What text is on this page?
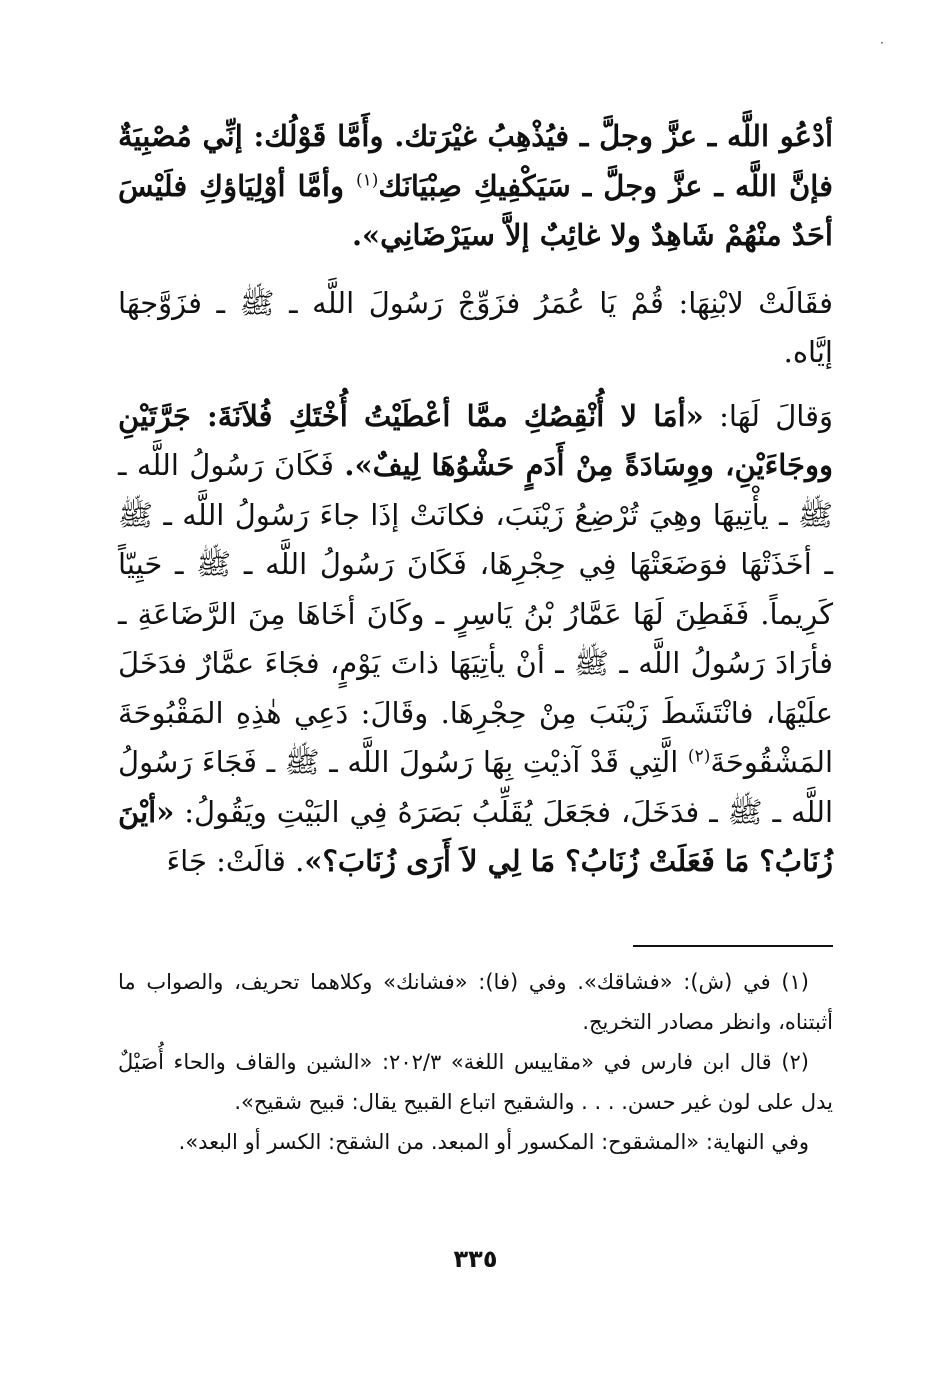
·

أدْعُو اللَّه ـ عزَّ وجلَّ ـ فيُذْهِبُ غيْرَتك. وأَمَّا قَوْلُك: إنِّي مُصْبِيَةٌ فإنَّ اللَّه ـ عزَّ وجلَّ ـ سَيَكْفِيكِ صِبْيَانَك$^{(١)}$ وأمَّا أوْلِيَاؤكِ فلَيْسَ أحَدٌ منْهُمْ شَاهِدٌ ولا غائِبٌ إلاَّ سيَرْضَانِي».

فقَالَتْ لابْنِهَا: قُمْ يَا عُمَرُ فزَوِّجْ رَسُولَ اللَّه ـ ﷺ ـ فزَوَّجهَا إيَّاه.

وَقالَ لَهَا: «أمَا لا أُنْقِصُكِ ممَّا أعْطَيْتُ أُخْتَكِ فُلاَنَةَ: جَرَّتَيْنِ ووجَاءَيْنِ، ووِسَادَةً مِنْ أَدَمٍ حَشْوُهَا لِيفٌ». فَكَانَ رَسُولُ اللَّه ـ ﷺ ـ يأْتِيهَا وهِيَ تُرْضِعُ زَيْنَبَ، فكانَتْ إذَا جاءَ رَسُولُ اللَّه ـ ﷺ ـ أخَذَتْهَا فوَضَعَتْهَا فِي حِجْرِهَا، فَكَانَ رَسُولُ اللَّه ـ ﷺ ـ حَيِيّاً كَرِيماً. فَفَطِنَ لَهَا عَمَّارُ بْنُ يَاسِرٍ ـ وكَانَ أخَاهَا مِنَ الرَّضَاعَةِ ـ فأرَادَ رَسُولُ اللَّه ـ ﷺ ـ أنْ يأتِيَهَا ذاتَ يَوْمٍ، فجَاءَ عمَّارٌ فدَخَلَ علَيْهَا، فانْتَشَطَ زَيْنَبَ مِنْ حِجْرِهَا. وقَالَ: دَعِي هٰذِهِ المَقْبُوحَةَ المَشْقُوحَةَ$^{(٢)}$ الَّتِي قَدْ آذيْتِ بِهَا رَسُولَ اللَّه ـ ﷺ ـ فَجَاءَ رَسُولُ اللَّه ـ ﷺ ـ فدَخَلَ، فجَعَلَ يُقَلِّبُ بَصَرَهُ فِي البَيْتِ ويَقُولُ: «أيْنَ زُنَابُ؟ مَا فَعَلَتْ زُنَابُ؟ مَا لِي لاَ أَرَى زُنَابَ؟». قالَتْ: جَاءَ

(١) في (ش): «فشاقك». وفي (فا): «فشانك» وكلاهما تحريف، والصواب ما أثبتناه، وانظر مصادر التخريج.

(٢) قال ابن فارس في «مقاييس اللغة» ٢٠٢/٣: «الشين والقاف والحاء أُصَيْلٌ يدل على لون غير حسن. . . . والشقيح اتباع القبيح يقال: قبيح شقيح».

وفي النهاية: «المشقوح: المكسور أو المبعد. من الشقح: الكسر أو البعد».

٣٣٥
